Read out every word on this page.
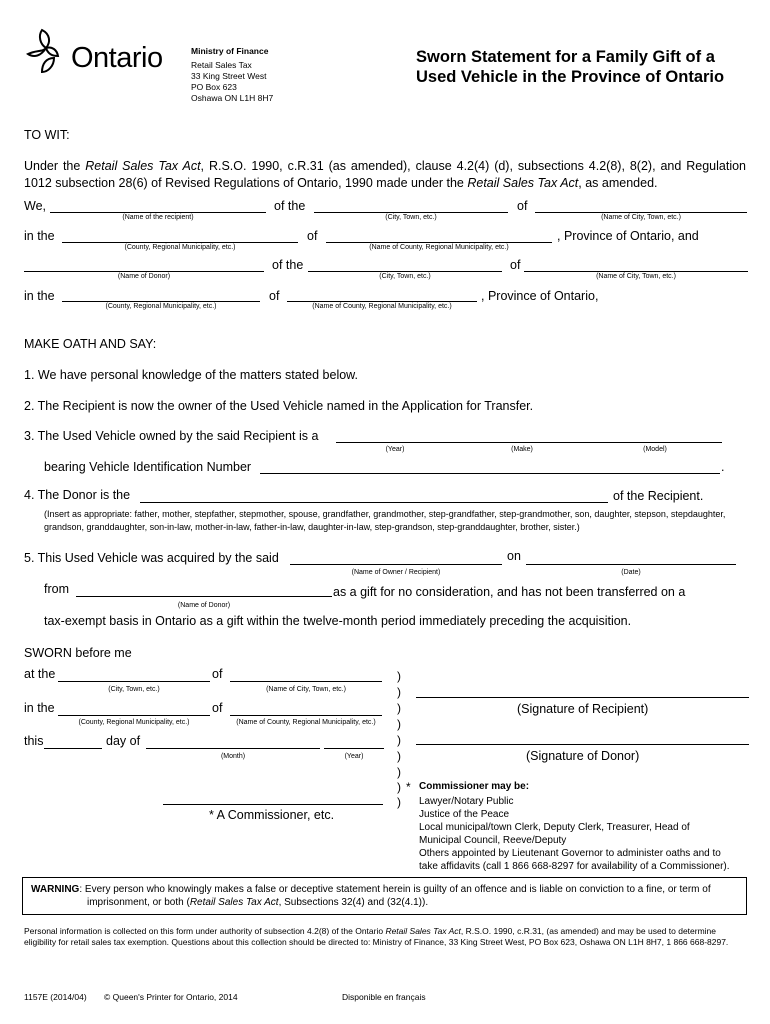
Ontario	Ministry of Finance
Retail Sales Tax
33 King Street West
PO Box 623
Oshawa ON L1H 8H7
Sworn Statement for a Family Gift of a
Used Vehicle in the Province of Ontario
TO WIT:
Under the Retail Sales Tax Act, R.S.O. 1990, c.R.31 (as amended), clause 4.2(4) (d), subsections 4.2(8), 8(2), and Regulation 1012 subsection 28(6) of Revised Regulations of Ontario, 1990 made under the Retail Sales Tax Act, as amended.
We,	of the	of
(Name of the recipient)	(City, Town, etc.)	(Name of City, Town, etc.)
in the	of	, Province of Ontario, and
(County, Regional Municipality, etc.)	(Name of County, Regional Municipality, etc.)
of the	of
(Name of Donor)	(City, Town, etc.)	(Name of City, Town, etc.)
in the	of	, Province of Ontario,
(County, Regional Municipality, etc.)	(Name of County, Regional Municipality, etc.)
MAKE OATH AND SAY:
1. We have personal knowledge of the matters stated below.
2. The Recipient is now the owner of the Used Vehicle named in the Application for Transfer.
3. The Used Vehicle owned by the said Recipient is a
(Year)	(Make)	(Model)
bearing Vehicle Identification Number	.
4. The Donor is the	of the Recipient.
(Insert as appropriate: father, mother, stepfather, stepmother, spouse, grandfather, grandmother, step-grandfather, step-grandmother, son, daughter, stepson, stepdaughter, grandson, granddaughter, son-in-law, mother-in-law, father-in-law, daughter-in-law, step-grandson, step-granddaughter, brother, sister.)
5. This Used Vehicle was acquired by the said	on
(Name of Owner / Recipient)	(Date)
from	as a gift for no consideration, and has not been transferred on a
(Name of Donor)
tax-exempt basis in Ontario as a gift within the twelve-month period immediately preceding the acquisition.
SWORN before me
at the	of
(City, Town, etc.)	(Name of City, Town, etc.)
in the	of
(County, Regional Municipality, etc.)	(Name of County, Regional Municipality, etc.)
this	day of
(Month)	(Year)
* A Commissioner, etc.
)
)
)
)
)
)
)
)
)
*
(Signature of Recipient)
(Signature of Donor)
Commissioner may be:
Lawyer/Notary Public
Justice of the Peace
Local municipal/town Clerk, Deputy Clerk, Treasurer, Head of
Municipal Council, Reeve/Deputy
Others appointed by Lieutenant Governor to administer oaths and to
take affidavits (call 1 866 668-8297 for availability of a Commissioner).
WARNING: Every person who knowingly makes a false or deceptive statement herein is guilty of an offence and is liable on conviction to a fine, or term of imprisonment, or both (Retail Sales Tax Act, Subsections 32(4) and (32(4.1)).
Personal information is collected on this form under authority of subsection 4.2(8) of the Ontario Retail Sales Tax Act, R.S.O. 1990, c.R.31, (as amended) and may be used to determine eligibility for retail sales tax exemption. Questions about this collection should be directed to: Ministry of Finance, 33 King Street West, PO Box 623, Oshawa ON L1H 8H7, 1 866 668-8297.
1157E (2014/04) © Queen's Printer for Ontario, 2014	Disponible en français
